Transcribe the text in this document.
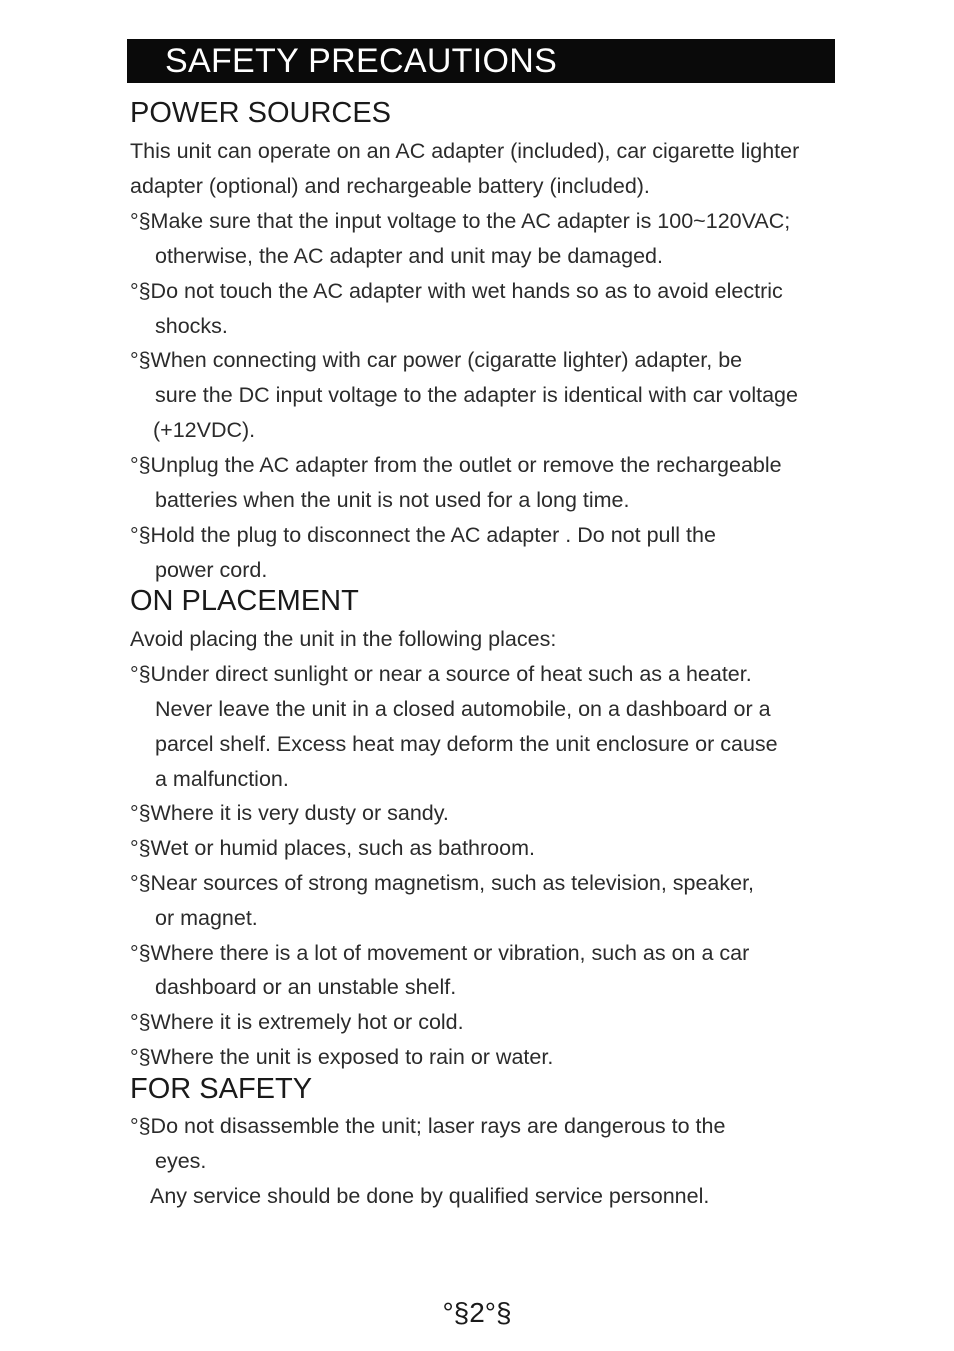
SAFETY PRECAUTIONS
POWER SOURCES
This unit can operate on an AC adapter (included), car cigarette lighter
adapter (optional) and rechargeable battery (included).
°§Make sure that the input voltage to the AC adapter is 100~120VAC;
otherwise, the AC adapter and unit may be damaged.
°§Do not touch the AC adapter with wet hands so as to avoid electric
shocks.
°§When connecting with car power (cigaratte lighter) adapter, be
sure the DC input voltage to the adapter is identical with car voltage
(+12VDC).
°§Unplug the AC adapter from the outlet or remove the rechargeable
batteries when the unit is not used for a long time.
°§Hold the plug to disconnect the AC adapter . Do not pull the
power cord.
ON PLACEMENT
Avoid placing the unit in the following places:
°§Under direct sunlight or near a source of heat such as a heater.
Never leave the unit in a closed automobile, on a dashboard or a
parcel shelf. Excess heat may deform the unit enclosure or cause
a malfunction.
°§Where it is very dusty or sandy.
°§Wet or humid places, such as bathroom.
°§Near sources of strong magnetism, such as television, speaker,
or magnet.
°§Where there is a lot of movement or vibration, such as on a car
dashboard or an unstable shelf.
°§Where it is extremely hot or cold.
°§Where the unit is exposed to rain or water.
FOR SAFETY
°§Do not disassemble the unit; laser rays are dangerous to the
eyes.
Any service should be done by qualified service personnel.
°§2°§
